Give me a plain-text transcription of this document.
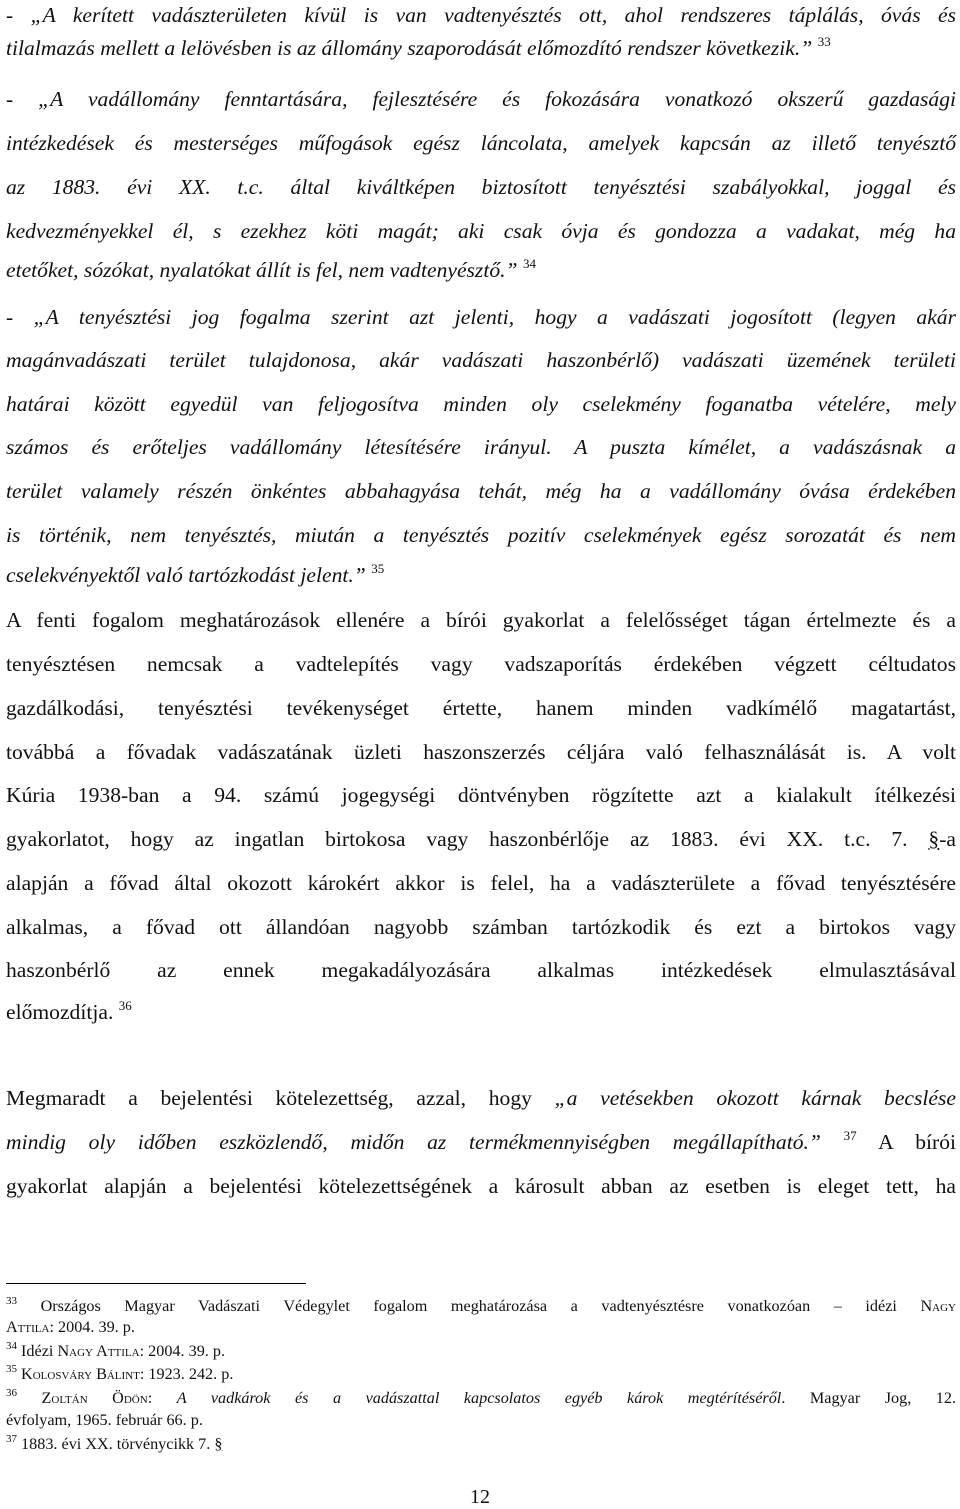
- „A kerített vadászterületen kívül is van vadtenyésztés ott, ahol rendszeres táplálás, óvás és
tilalmazás mellett a lelövésben is az állomány szaporodását előmozdító rendszer következik.” $^{33}$
- „A vadállomány fenntartására, fejlesztésére és fokozására vonatkozó okszerű gazdasági
intézkedések és mesterséges műfogások egész láncolata, amelyek kapcsán az illető tenyésztő
az 1883. évi XX. t.c. által kiváltképen biztosított tenyésztési szabályokkal, joggal és
kedvezményekkel él, s ezekhez köti magát; aki csak óvja és gondozza a vadakat, még ha
etetőket, sózókat, nyalatókat állít is fel, nem vadtenyésztő.” $^{34}$
- „A tenyésztési jog fogalma szerint azt jelenti, hogy a vadászati jogosított (legyen akár
magánvadászati terület tulajdonosa, akár vadászati haszonbérlő) vadászati üzemének területi
határai között egyedül van feljogosítva minden oly cselekmény foganatba vételére, mely
számos és erőteljes vadállomány létesítésére irányul. A puszta kímélet, a vadászásnak a
terület valamely részén önkéntes abbahagyása tehát, még ha a vadállomány óvása érdekében
is történik, nem tenyésztés, miután a tenyésztés pozitív cselekmények egész sorozatát és nem
cselekvényektől való tartózkodást jelent.” $^{35}$
A fenti fogalom meghatározások ellenére a bírói gyakorlat a felelősséget tágan értelmezte és a
tenyésztésen nemcsak a vadtelepítés vagy vadszaporítás érdekében végzett céltudatos
gazdálkodási, tenyésztési tevékenységet értette, hanem minden vadkímélő magatartást,
továbbá a fővadak vadászatának üzleti haszonszerzés céljára való felhasználását is. A volt
Kúria 1938-ban a 94. számú jogegységi döntvényben rögzítette azt a kialakult ítélkezési
gyakorlatot, hogy az ingatlan birtokosa vagy haszonbérlője az 1883. évi XX. t.c. 7. §-a
alapján a fővad által okozott károkért akkor is felel, ha a vadászterülete a fővad tenyésztésére
alkalmas, a fővad ott állandóan nagyobb számban tartózkodik és ezt a birtokos vagy
haszonbérlő az ennek megakadályozására alkalmas intézkedések elmulasztásával
előmozdítja. $^{36}$
Megmaradt a bejelentési kötelezettség, azzal, hogy „a vetésekben okozott kárnak becslése
mindig oly időben eszközlendő, midőn az termékmennyiségben megállapítható.” $^{37}$ A bírói
gyakorlat alapján a bejelentési kötelezettségének a károsult abban az esetben is eleget tett, ha
$^{33}$ Országos Magyar Vadászati Védegylet fogalom meghatározása a vadtenyésztésre vonatkozóan – idézi Nagy
Attila: 2004. 39. p.
$^{34}$ Idézi Nagy Attila: 2004. 39. p.
$^{35}$ Kolosváry Bálint: 1923. 242. p.
$^{36}$ Zoltán Ödön: A vadkárok és a vadászattal kapcsolatos egyéb károk megtérítéséről. Magyar Jog, 12.
évfolyam, 1965. február 66. p.
$^{37}$ 1883. évi XX. törvénycikk 7. §
12
